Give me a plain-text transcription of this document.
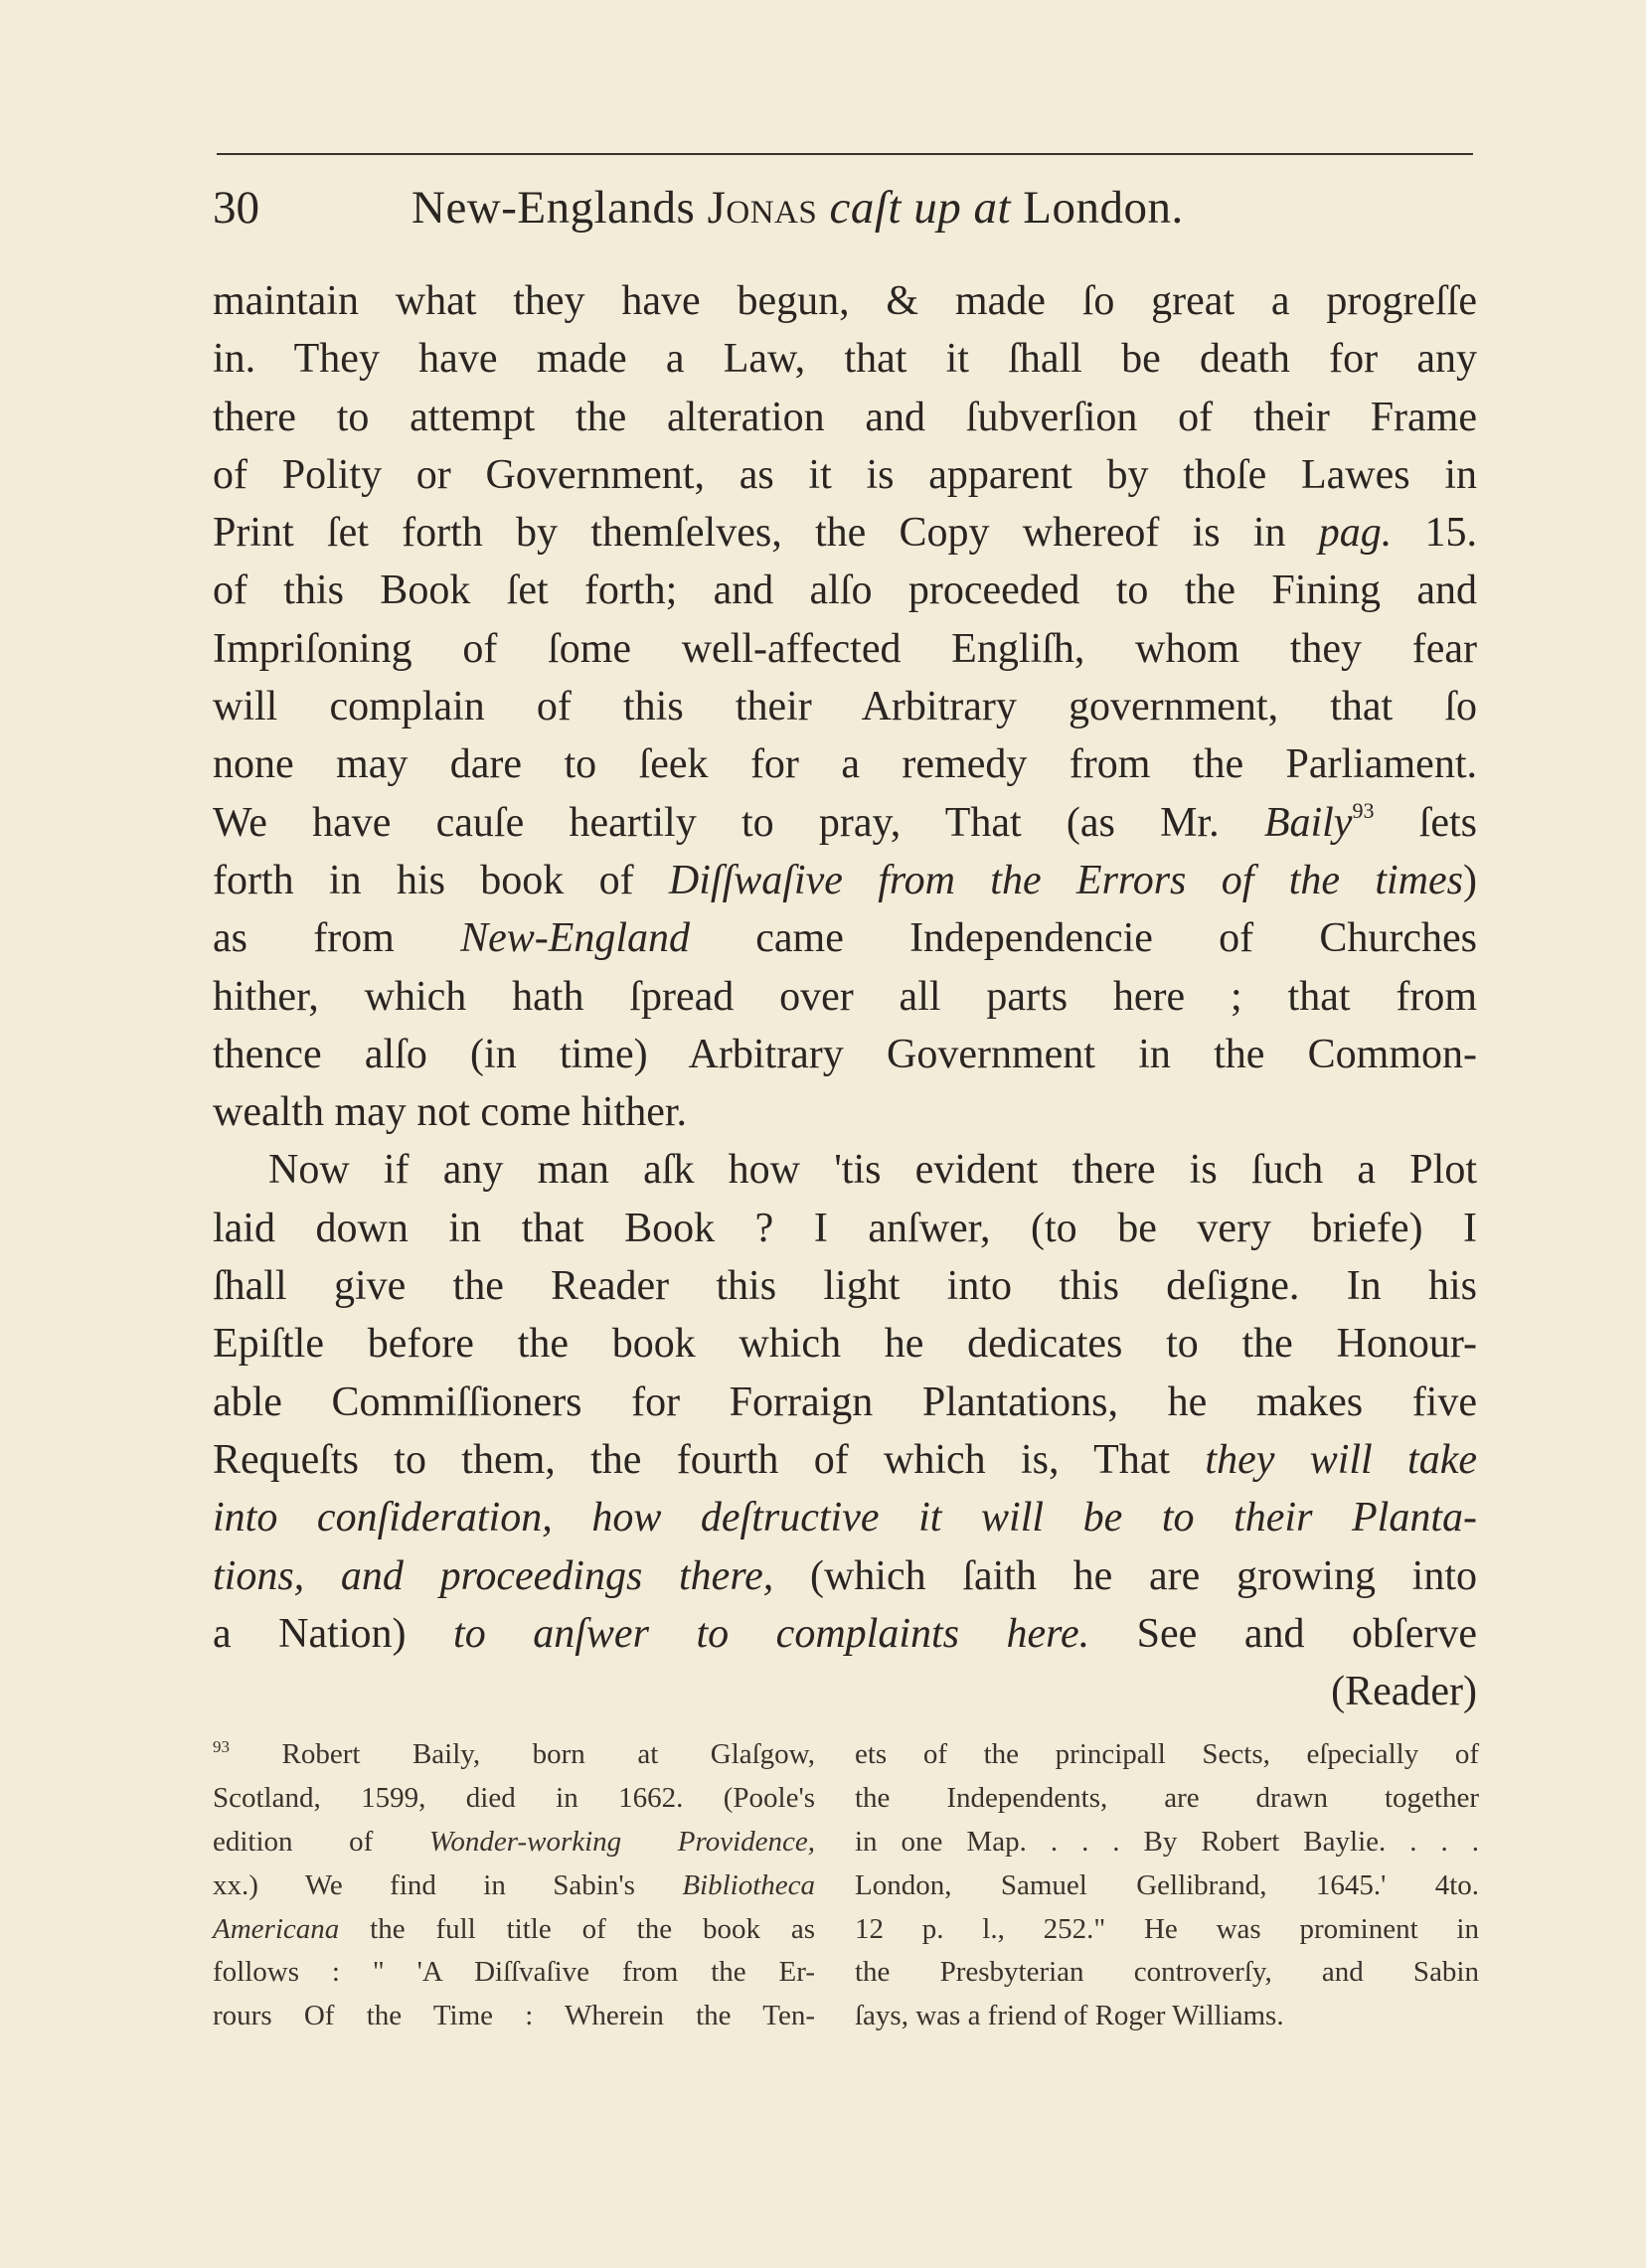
30	New-Englands Jonas caſt up at London.
maintain what they have begun, & made ſo great a progreſſe
in. They have made a Law, that it ſhall be death for any
there to attempt the alteration and ſubverſion of their Frame
of Polity or Government, as it is apparent by thoſe Lawes in
Print ſet forth by themſelves, the Copy whereof is in pag. 15.
of this Book ſet forth; and alſo proceeded to the Fining and
Impriſoning of ſome well-affected Engliſh, whom they fear
will complain of this their Arbitrary government, that ſo
none may dare to ſeek for a remedy from the Parliament.
We have cauſe heartily to pray, That (as Mr. Baily$^{93}$ ſets
forth in his book of Diſſwaſive from the Errors of the times)
as from New-England came Independencie of Churches
hither, which hath ſpread over all parts here ; that from
thence alſo (in time) Arbitrary Government in the Common-
wealth may not come hither.
Now if any man aſk how 'tis evident there is ſuch a Plot
laid down in that Book ? I anſwer, (to be very briefe) I
ſhall give the Reader this light into this deſigne. In his
Epiſtle before the book which he dedicates to the Honour-
able Commiſſioners for Forraign Plantations, he makes five
Requeſts to them, the fourth of which is, That they will take
into conſideration, how deſtructive it will be to their Planta-
tions, and proceedings there, (which ſaith he are growing into
a Nation) to anſwer to complaints here. See and obſerve
(Reader)
$^{93}$ Robert Baily, born at Glaſgow,
Scotland, 1599, died in 1662. (Poole's
edition of Wonder-working Providence,
xx.) We find in Sabin's Bibliotheca
Americana the full title of the book as
follows : " 'A Diſſvaſive from the Er-
rours Of the Time : Wherein the Ten-
ets of the principall Sects, eſpecially of
the Independents, are drawn together
in one Map. . . . By Robert Baylie. . . .
London, Samuel Gellibrand, 1645.' 4to.
12 p. l., 252." He was prominent in
the Presbyterian controverſy, and Sabin
ſays, was a friend of Roger Williams.
